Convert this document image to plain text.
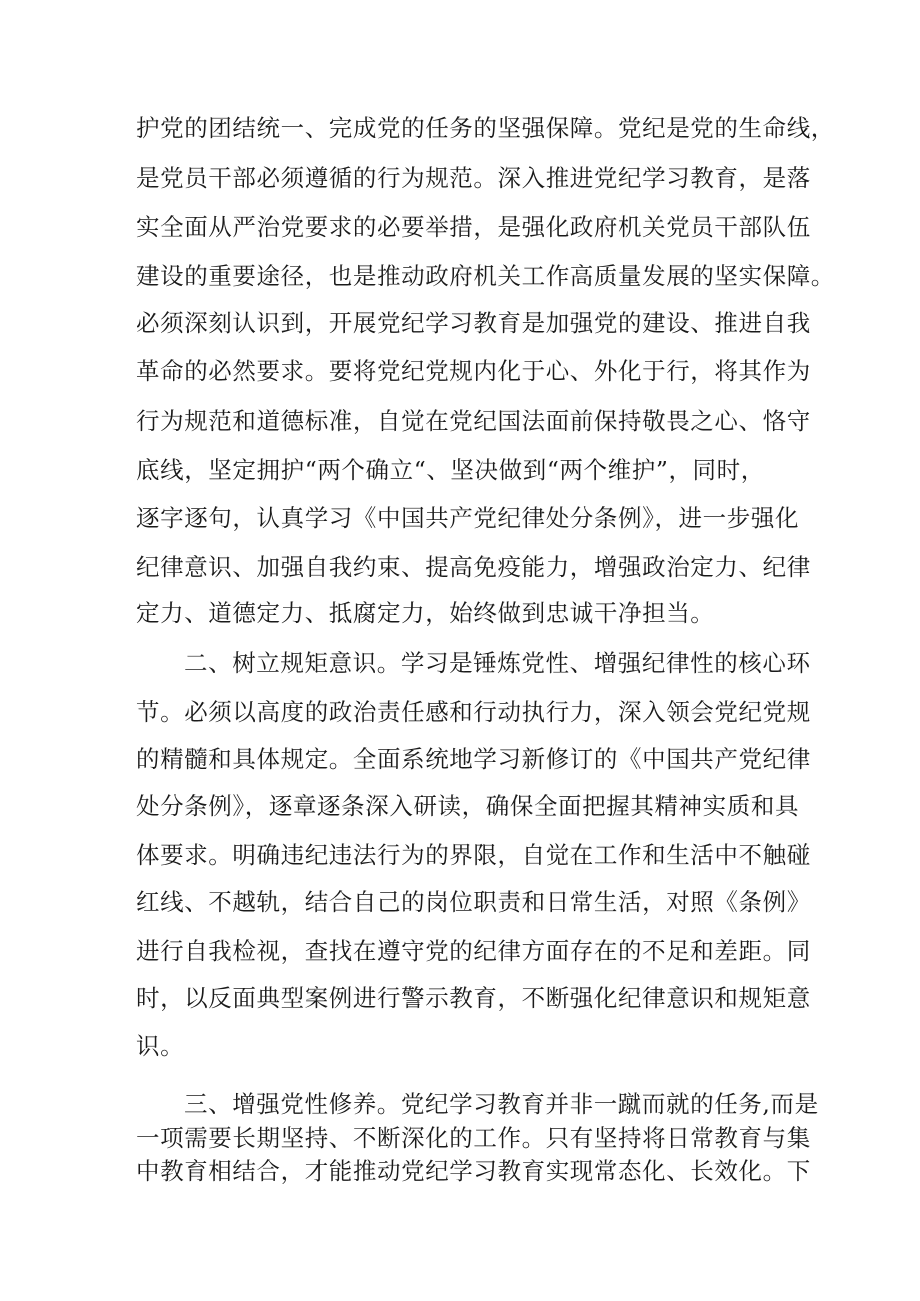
护党的团结统一、完成党的任务的坚强保障。党纪是党的生命线，
是党员干部必须遵循的行为规范。深入推进党纪学习教育，是落
实全面从严治党要求的必要举措，是强化政府机关党员干部队伍
建设的重要途径，也是推动政府机关工作高质量发展的坚实保障。
必须深刻认识到，开展党纪学习教育是加强党的建设、推进自我
革命的必然要求。要将党纪党规内化于心、外化于行，将其作为
行为规范和道德标准，自觉在党纪国法面前保持敬畏之心、恪守
底线，坚定拥护“两个确立“、坚决做到“两个维护”，同时，
逐字逐句，认真学习《中国共产党纪律处分条例》，进一步强化
纪律意识、加强自我约束、提高免疫能力，增强政治定力、纪律
定力、道德定力、抵腐定力，始终做到忠诚干净担当。
二、树立规矩意识。学习是锤炼党性、增强纪律性的核心环
节。必须以高度的政治责任感和行动执行力，深入领会党纪党规
的精髓和具体规定。全面系统地学习新修订的《中国共产党纪律
处分条例》，逐章逐条深入研读，确保全面把握其精神实质和具
体要求。明确违纪违法行为的界限，自觉在工作和生活中不触碰
红线、不越轨，结合自己的岗位职责和日常生活，对照《条例》
进行自我检视，查找在遵守党的纪律方面存在的不足和差距。同
时，以反面典型案例进行警示教育，不断强化纪律意识和规矩意
识。
三、增强党性修养。党纪学习教育并非一蹴而就的任务,而是
一项需要长期坚持、不断深化的工作。只有坚持将日常教育与集
中教育相结合，才能推动党纪学习教育实现常态化、长效化。下
